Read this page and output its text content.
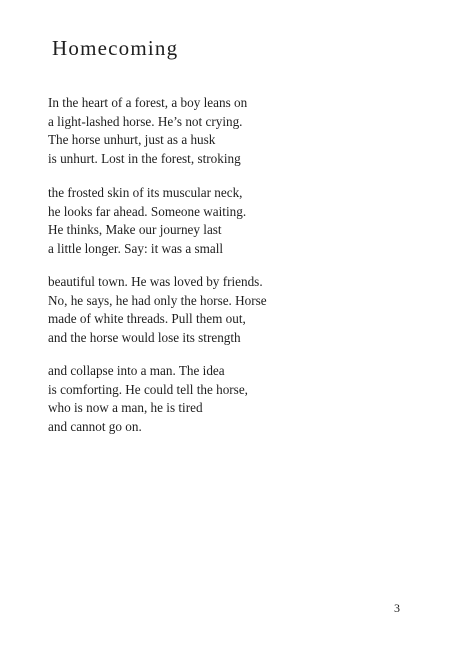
Homecoming

In the heart of a forest, a boy leans on
a light-lashed horse. He’s not crying.
The horse unhurt, just as a husk
is unhurt. Lost in the forest, stroking

the frosted skin of its muscular neck,
he looks far ahead. Someone waiting.
He thinks, Make our journey last
a little longer. Say: it was a small

beautiful town. He was loved by friends.
No, he says, he had only the horse. Horse
made of white threads. Pull them out,
and the horse would lose its strength

and collapse into a man. The idea
is comforting. He could tell the horse,
who is now a man, he is tired
and cannot go on.

3
